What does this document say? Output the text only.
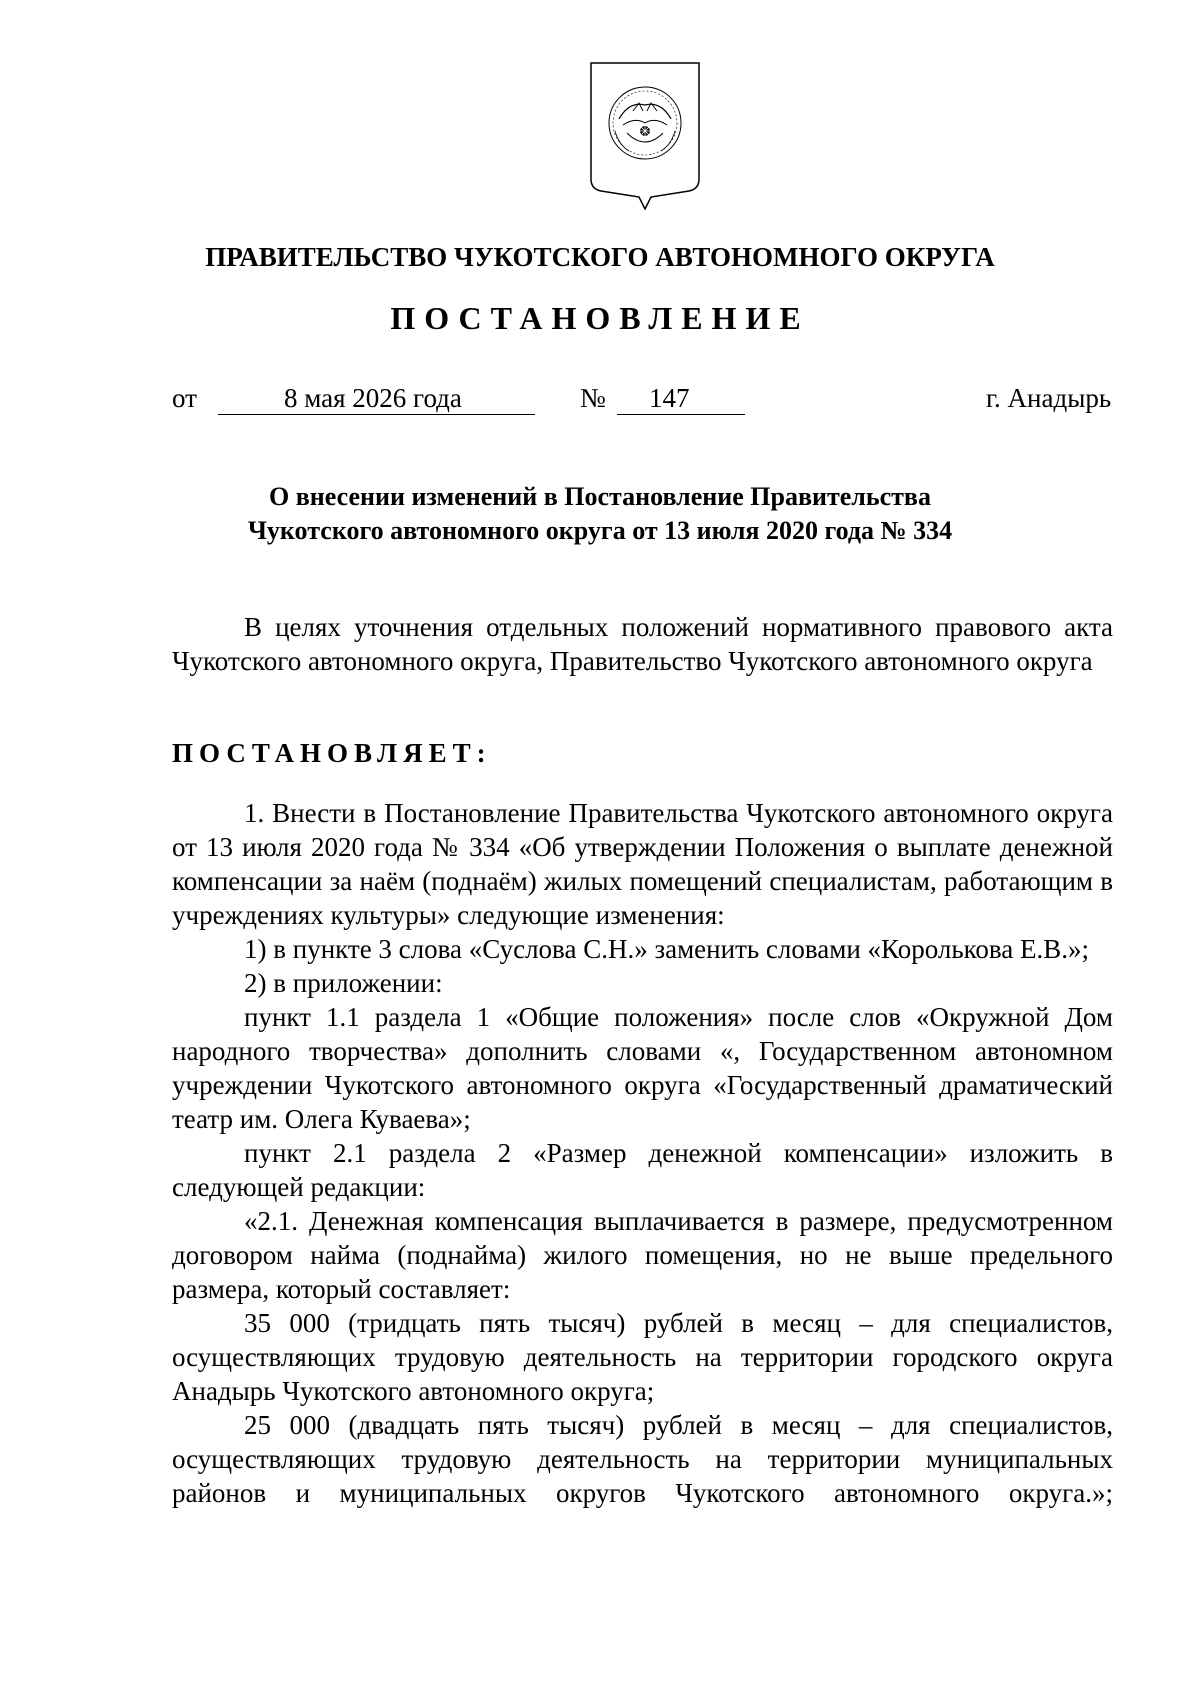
ПРАВИТЕЛЬСТВО ЧУКОТСКОГО АВТОНОМНОГО ОКРУГА
ПОСТАНОВЛЕНИЕ
от	8 мая 2026 года	№ 147	г. Анадырь
О внесении изменений в Постановление Правительства
Чукотского автономного округа от 13 июля 2020 года № 334

В целях уточнения отдельных положений нормативного правового акта Чукотского автономного округа, Правительство Чукотского автономного округа

ПОСТАНОВЛЯЕТ:

1. Внести в Постановление Правительства Чукотского автономного округа от 13 июля 2020 года № 334 «Об утверждении Положения о выплате денежной компенсации за наём (поднаём) жилых помещений специалистам, работающим в учреждениях культуры» следующие изменения:

1) в пункте 3 слова «Суслова С.Н.» заменить словами «Королькова Е.В.»;

2) в приложении:

пункт 1.1 раздела 1 «Общие положения» после слов «Окружной Дом народного творчества» дополнить словами «, Государственном автономном учреждении Чукотского автономного округа «Государственный драматический театр им. Олега Куваева»;

пункт 2.1 раздела 2 «Размер денежной компенсации» изложить в следующей редакции:

«2.1. Денежная компенсация выплачивается в размере, предусмотренном договором найма (поднайма) жилого помещения, но не выше предельного размера, который составляет:

35 000 (тридцать пять тысяч) рублей в месяц – для специалистов, осуществляющих трудовую деятельность на территории городского округа Анадырь Чукотского автономного округа;

25 000 (двадцать пять тысяч) рублей в месяц – для специалистов, осуществляющих трудовую деятельность на территории муниципальных районов и муниципальных округов Чукотского автономного округа.»;
